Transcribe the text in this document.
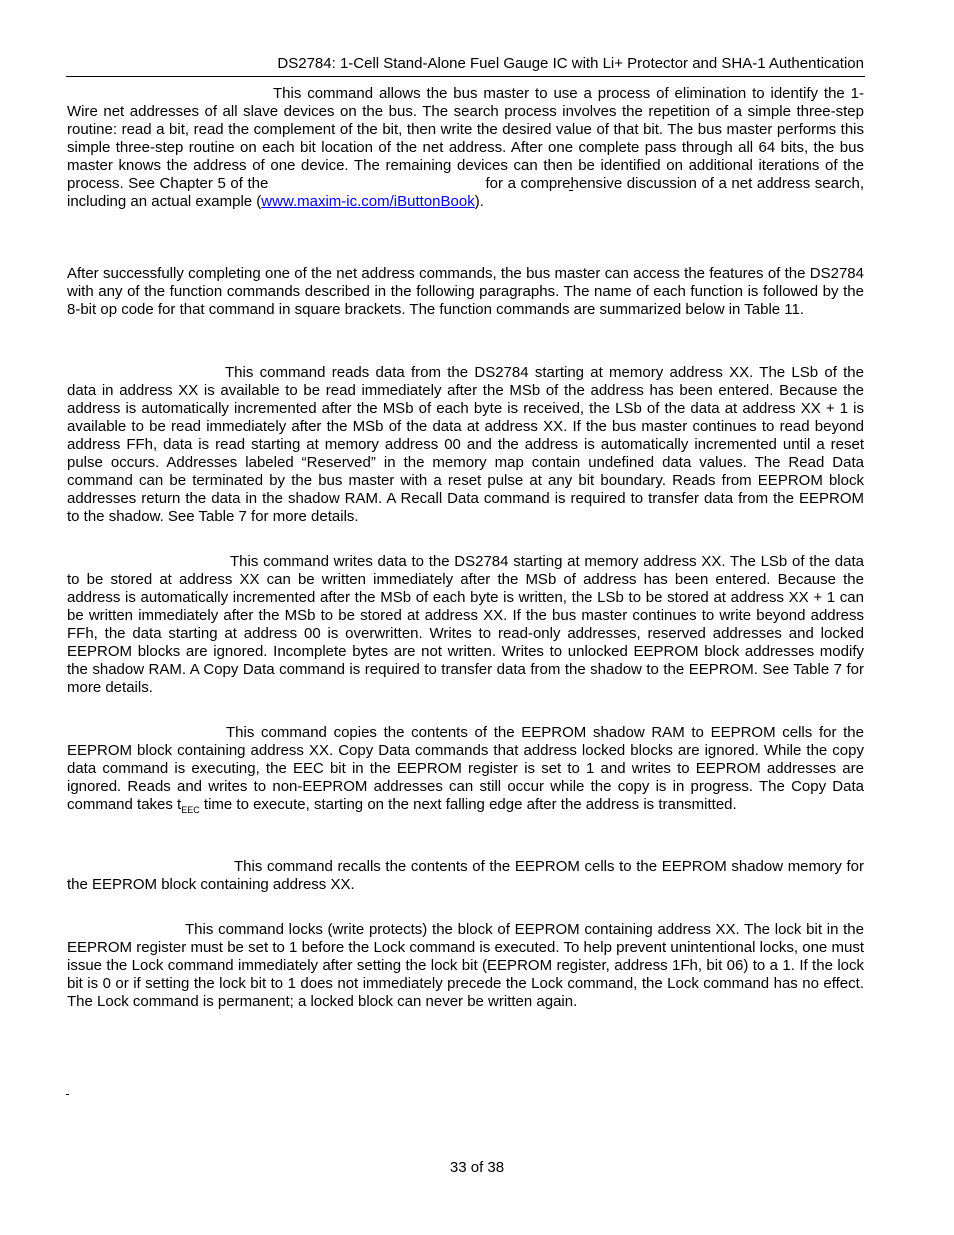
DS2784: 1-Cell Stand-Alone Fuel Gauge IC with Li+ Protector and SHA-1 Authentication

This command allows the bus master to use a process of elimination to identify the 1-Wire net addresses of all slave devices on the bus. The search process involves the repetition of a simple three-step routine: read a bit, read the complement of the bit, then write the desired value of that bit. The bus master performs this simple three-step routine on each bit location of the net address. After one complete pass through all 64 bits, the bus master knows the address of one device. The remaining devices can then be identified on additional iterations of the process. See Chapter 5 of the	for a comprehensive discussion of a net address search, including an actual example (www.maxim-ic.com/iButtonBook).

After successfully completing one of the net address commands, the bus master can access the features of the DS2784 with any of the function commands described in the following paragraphs. The name of each function is followed by the 8-bit op code for that command in square brackets. The function commands are summarized below in Table 11.

This command reads data from the DS2784 starting at memory address XX. The LSb of the data in address XX is available to be read immediately after the MSb of the address has been entered. Because the address is automatically incremented after the MSb of each byte is received, the LSb of the data at address XX + 1 is available to be read immediately after the MSb of the data at address XX. If the bus master continues to read beyond address FFh, data is read starting at memory address 00 and the address is automatically incremented until a reset pulse occurs. Addresses labeled “Reserved” in the memory map contain undefined data values. The Read Data command can be terminated by the bus master with a reset pulse at any bit boundary. Reads from EEPROM block addresses return the data in the shadow RAM. A Recall Data command is required to transfer data from the EEPROM to the shadow. See Table 7 for more details.

This command writes data to the DS2784 starting at memory address XX. The LSb of the data to be stored at address XX can be written immediately after the MSb of address has been entered. Because the address is automatically incremented after the MSb of each byte is written, the LSb to be stored at address XX + 1 can be written immediately after the MSb to be stored at address XX. If the bus master continues to write beyond address FFh, the data starting at address 00 is overwritten. Writes to read-only addresses, reserved addresses and locked EEPROM blocks are ignored. Incomplete bytes are not written. Writes to unlocked EEPROM block addresses modify the shadow RAM. A Copy Data command is required to transfer data from the shadow to the EEPROM. See Table 7 for more details.

This command copies the contents of the EEPROM shadow RAM to EEPROM cells for the EEPROM block containing address XX. Copy Data commands that address locked blocks are ignored. While the copy data command is executing, the EEC bit in the EEPROM register is set to 1 and writes to EEPROM addresses are ignored. Reads and writes to non-EEPROM addresses can still occur while the copy is in progress. The Copy Data command takes $t_{EEC}$ time to execute, starting on the next falling edge after the address is transmitted.

This command recalls the contents of the EEPROM cells to the EEPROM shadow memory for the EEPROM block containing address XX.

This command locks (write protects) the block of EEPROM containing address XX. The lock bit in the EEPROM register must be set to 1 before the Lock command is executed. To help prevent unintentional locks, one must issue the Lock command immediately after setting the lock bit (EEPROM register, address 1Fh, bit 06) to a 1. If the lock bit is 0 or if setting the lock bit to 1 does not immediately precede the Lock command, the Lock command has no effect. The Lock command is permanent; a locked block can never be written again.

33 of 38
